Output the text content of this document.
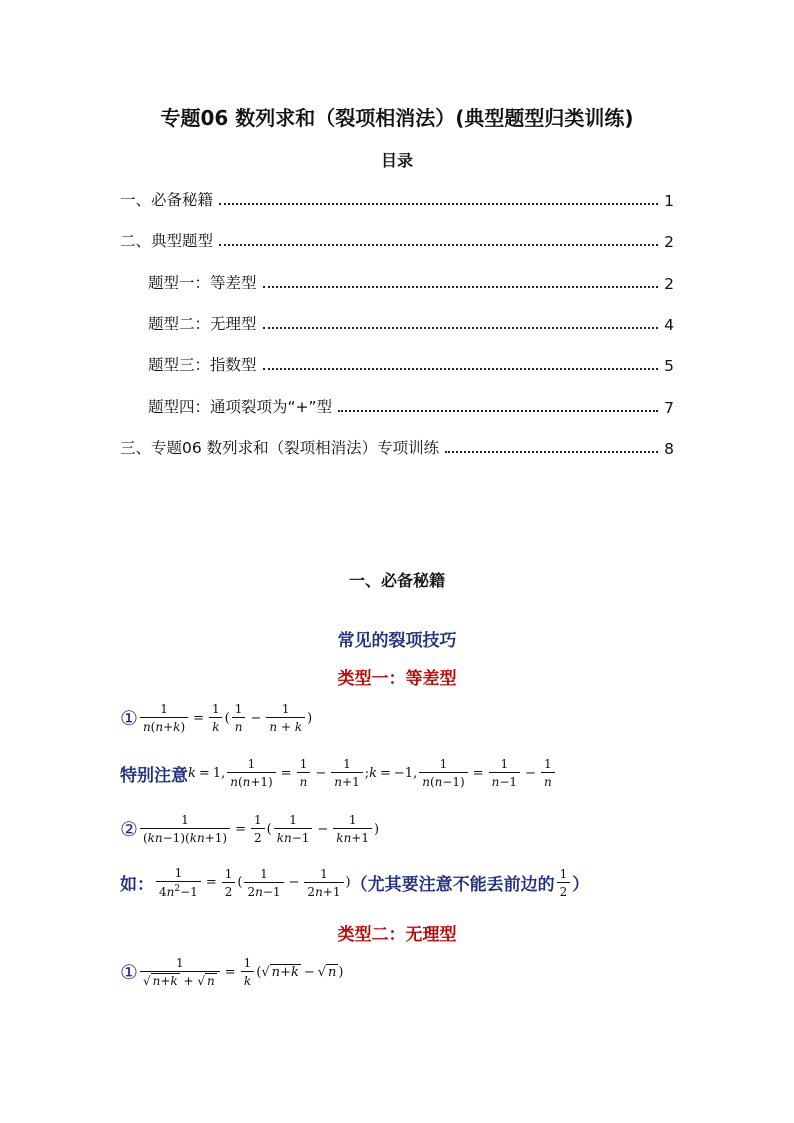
专题06 数列求和（裂项相消法）(典型题型归类训练)
目录
一、必备秘籍	1
二、典型题型	2
题型一：等差型	2
题型二：无理型	4
题型三：指数型	5
题型四：通项裂项为“+”型	7
三、专题06 数列求和（裂项相消法）专项训练	8
一、必备秘籍
常见的裂项技巧
类型一：等差型
① $\frac{1}{n(n+k)} = \frac{1}{k}$ ( $\frac{1}{n} - \frac{1}{n + k}$ )
特别注意 k = 1, $\frac{1}{n(n+1)} = \frac{1}{n} - \frac{1}{n+1}$ ; k = −1, $\frac{1}{n(n-1)} = \frac{1}{n-1} - \frac{1}{n}$
② $\frac{1}{(kn-1)(kn+1)} = \frac{1}{2}$ ( $\frac{1}{kn-1} - \frac{1}{kn+1}$ )
如： $\frac{1}{4n^2-1} = \frac{1}{2}$ ( $\frac{1}{2n-1} - \frac{1}{2n+1}$ ) （尤其要注意不能丢前边的 $\frac{1}{2}$ ）
类型二：无理型
① $\frac{1}{√ n+k + √ n} = \frac{1}{k}$ (√ n+k − √ n )
